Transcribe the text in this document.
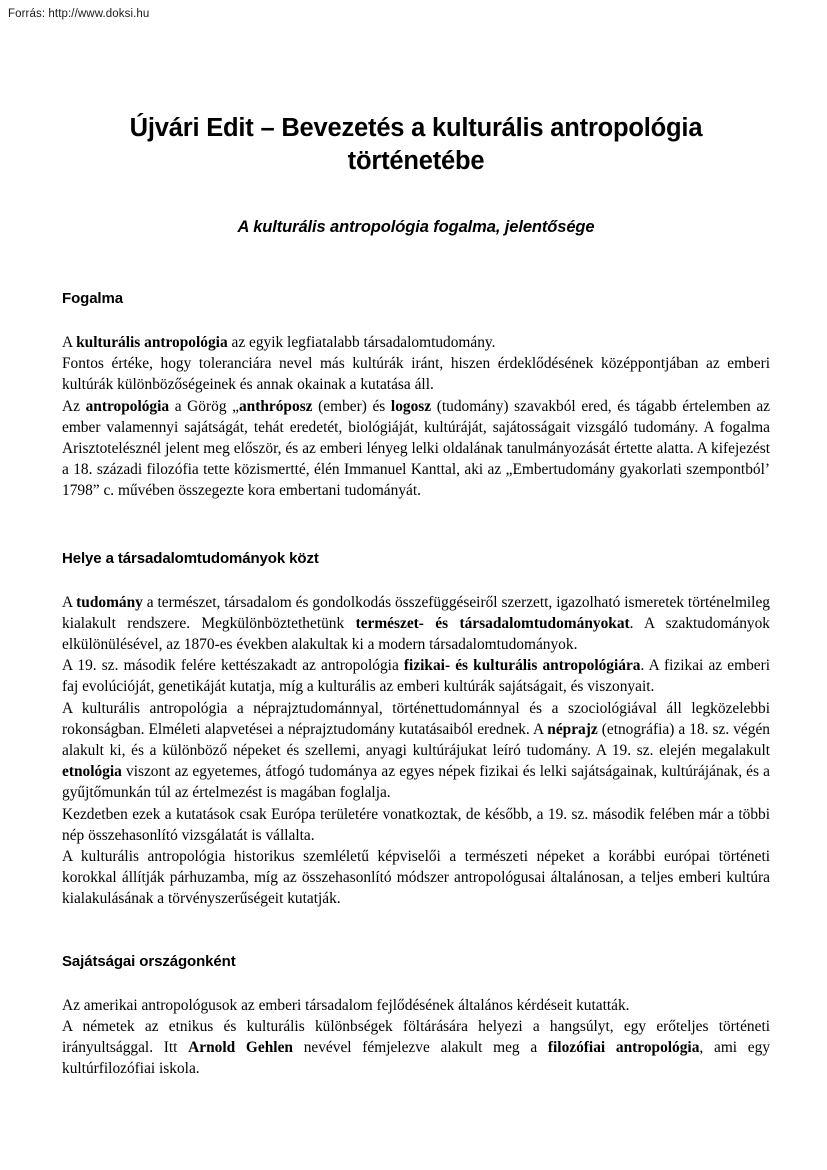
Forrás: http://www.doksi.hu
Újvári Edit – Bevezetés a kulturális antropológia történetébe
A kulturális antropológia fogalma, jelentősége
Fogalma

A kulturális antropológia az egyik legfiatalabb társadalomtudomány.

Fontos értéke, hogy toleranciára nevel más kultúrák iránt, hiszen érdeklődésének középpontjában az emberi kultúrák különbözőségeinek és annak okainak a kutatása áll.

Az antropológia a Görög „anthróposz (ember) és logosz (tudomány) szavakból ered, és tágabb értelemben az ember valamennyi sajátságát, tehát eredetét, biológiáját, kultúráját, sajátosságait vizsgáló tudomány. A fogalma Arisztotelésznél jelent meg először, és az emberi lényeg lelki oldalának tanulmányozását értette alatta. A kifejezést a 18. századi filozófia tette közismertté, élén Immanuel Kanttal, aki az „Embertudomány gyakorlati szempontból’ 1798” c. művében összegezte kora embertani tudományát.

Helye a társadalomtudományok közt

A tudomány a természet, társadalom és gondolkodás összefüggéseiről szerzett, igazolható ismeretek történelmileg kialakult rendszere. Megkülönböztethetünk természet- és társadalomtudományokat. A szaktudományok elkülönülésével, az 1870-es években alakultak ki a modern társadalomtudományok.

A 19. sz. második felére kettészakadt az antropológia fizikai- és kulturális antropológiára. A fizikai az emberi faj evolúcióját, genetikáját kutatja, míg a kulturális az emberi kultúrák sajátságait, és viszonyait.

A kulturális antropológia a néprajztudománnyal, történettudománnyal és a szociológiával áll legközelebbi rokonságban. Elméleti alapvetései a néprajztudomány kutatásaiból erednek. A néprajz (etnográfia) a 18. sz. végén alakult ki, és a különböző népeket és szellemi, anyagi kultúrájukat leíró tudomány. A 19. sz. elején megalakult etnológia viszont az egyetemes, átfogó tudománya az egyes népek fizikai és lelki sajátságainak, kultúrájának, és a gyűjtőmunkán túl az értelmezést is magában foglalja.

Kezdetben ezek a kutatások csak Európa területére vonatkoztak, de később, a 19. sz. második felében már a többi nép összehasonlító vizsgálatát is vállalta.

A kulturális antropológia historikus szemléletű képviselői a természeti népeket a korábbi európai történeti korokkal állítják párhuzamba, míg az összehasonlító módszer antropológusai általánosan, a teljes emberi kultúra kialakulásának a törvényszerűségeit kutatják.

Sajátságai országonként

Az amerikai antropológusok az emberi társadalom fejlődésének általános kérdéseit kutatták.

A németek az etnikus és kulturális különbségek föltárására helyezi a hangsúlyt, egy erőteljes történeti irányultsággal. Itt Arnold Gehlen nevével fémjelezve alakult meg a filozófiai antropológia, ami egy kultúrfilozófiai iskola.
